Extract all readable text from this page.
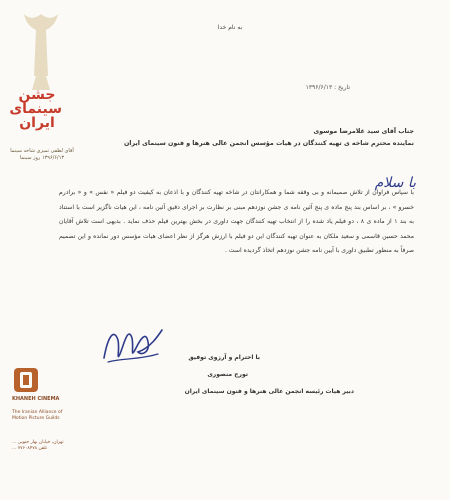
جشن سینمای ایران
آقای لطفی تمیزی شاخه سینما ۱۳۹۶/۶/۱۳ روز سینما
KHANEH CINEMA
The Iranian Alliance of Motion Picture Guilds
تهران، خیابان بهار جنوبی ... تلفن ۷۷۶۰۸۴۷۸ ...
به نام خدا
تاریخ : ۱۳۹۶/۶/۱۳
جناب آقای سید غلامرضا موسوی
نماینده محترم شاخه ی تهیه کنندگان در هیات مؤسس انجمن عالی هنرها و فنون سینمای ایران
با سلام
با سپاس فراوان از تلاش صمیمانه و بی وقفه شما و همکارانتان در شاخه تهیه کنندگان و با اذعان به کیفیت دو فیلم « نفس » و « برادرم خسرو » ، بر اساس بند پنج ماده ی پنج آئین نامه ی جشن نوزدهم مبنی بر نظارت بر اجرای دقیق آئین نامه ، این هیات ناگزیر است با استناد به بند ۱ از ماده ی ۸ ، دو فیلم یاد شده را از انتخاب تهیه کنندگان جهت داوری در بخش بهترین فیلم حذف نماید . بدیهی است تلاش آقایان محمد حسین قاسمی و سعید ملکان به عنوان تهیه کنندگان این دو فیلم با ارزش هرگز از نظر اعضای هیات مؤسس دور نمانده و این تصمیم صرفاً به منظور تطبیق داوری با آیین نامه جشن نوزدهم اتخاذ گردیده است .
با احترام و آرزوی توفیق
تورج منصوری
دبیر هیات رئیسه انجمن عالی هنرها و فنون سینمای ایران
